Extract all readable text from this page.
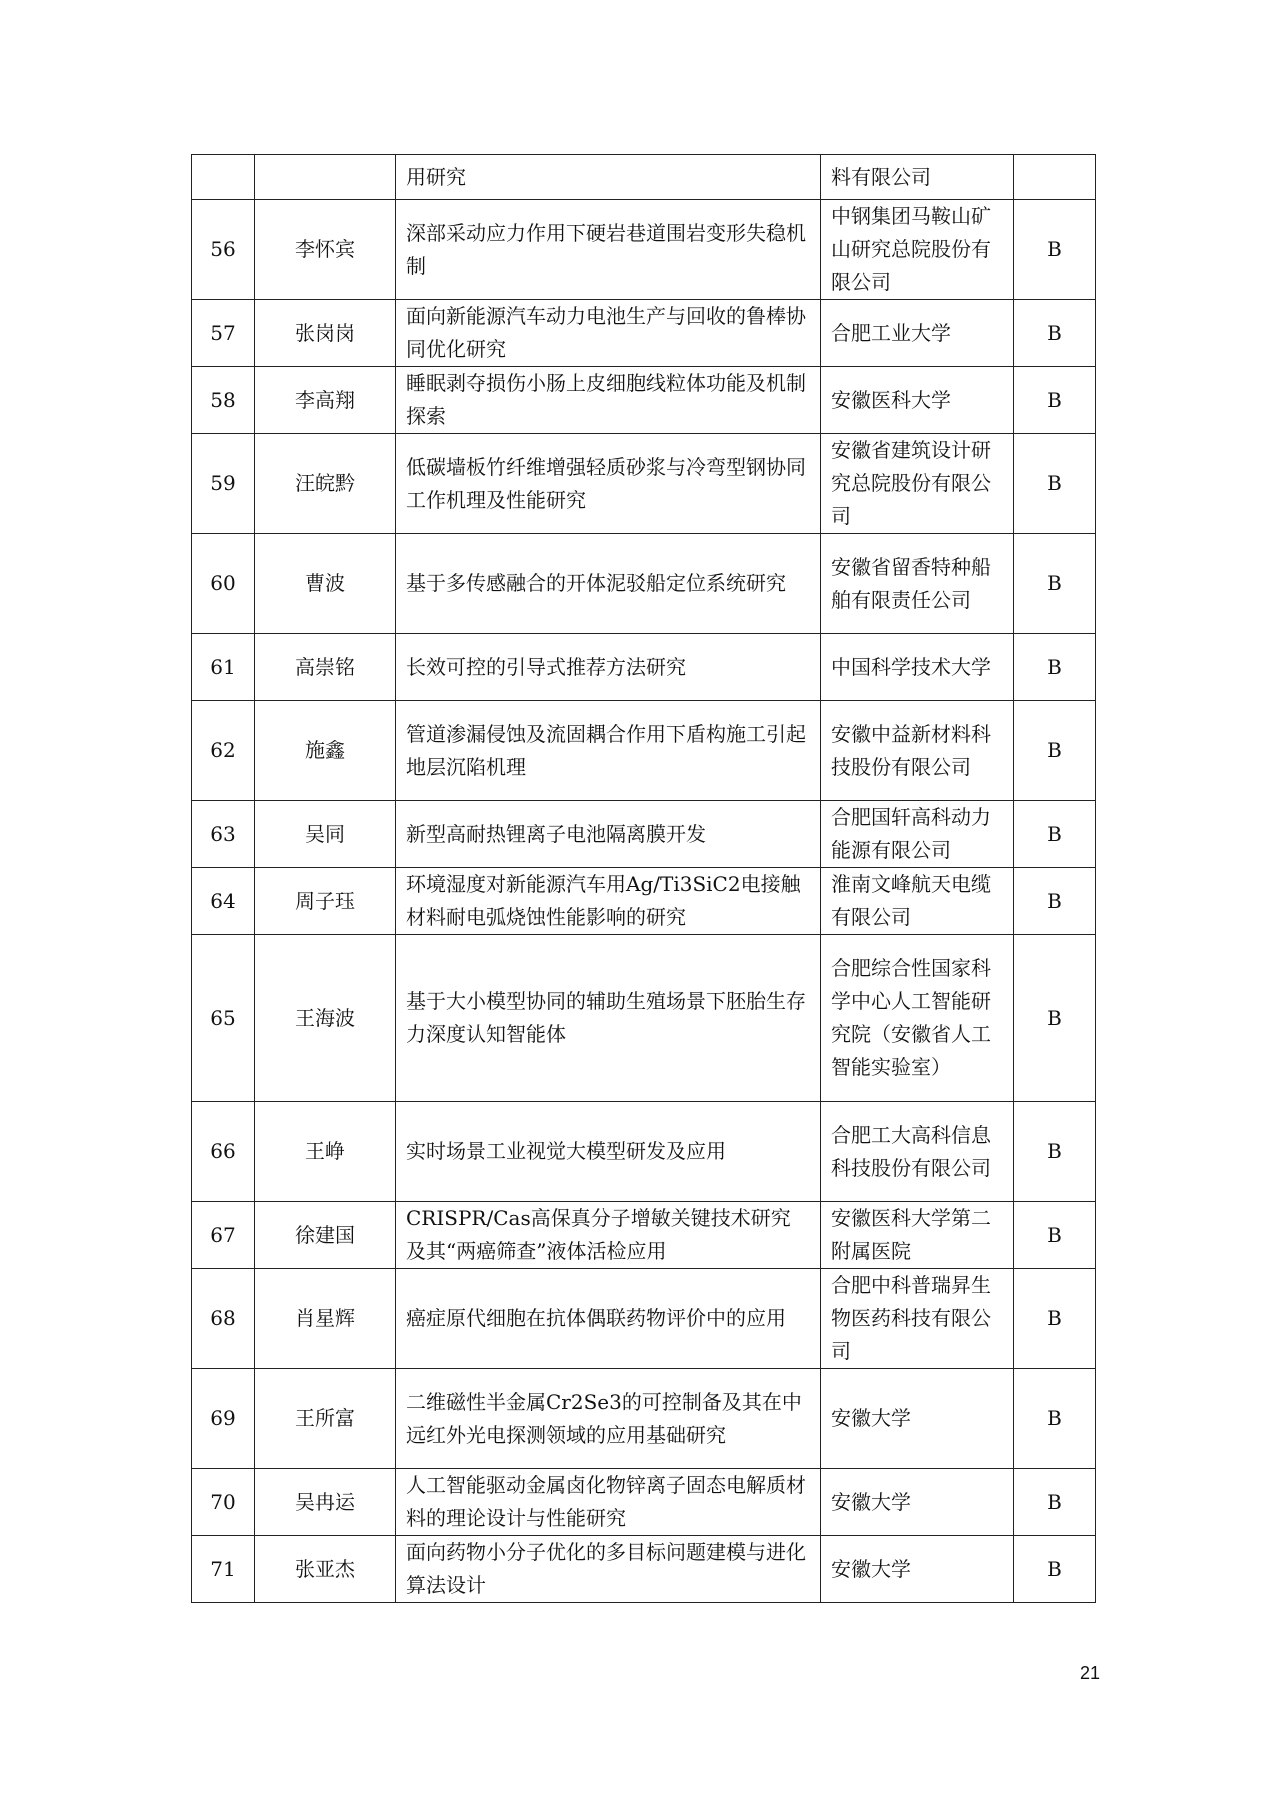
		用研究	料有限公司	
56	李怀宾	深部采动应力作用下硬岩巷道围岩变形失稳机制	中钢集团马鞍山矿山研究总院股份有限公司	B
57	张岗岗	面向新能源汽车动力电池生产与回收的鲁棒协同优化研究	合肥工业大学	B
58	李高翔	睡眠剥夺损伤小肠上皮细胞线粒体功能及机制探索	安徽医科大学	B
59	汪皖黔	低碳墙板竹纤维增强轻质砂浆与冷弯型钢协同工作机理及性能研究	安徽省建筑设计研究总院股份有限公司	B
60	曹波	基于多传感融合的开体泥驳船定位系统研究	安徽省留香特种船舶有限责任公司	B
61	高崇铭	长效可控的引导式推荐方法研究	中国科学技术大学	B
62	施鑫	管道渗漏侵蚀及流固耦合作用下盾构施工引起地层沉陷机理	安徽中益新材料科技股份有限公司	B
63	吴同	新型高耐热锂离子电池隔离膜开发	合肥国轩高科动力能源有限公司	B
64	周子珏	环境湿度对新能源汽车用Ag/Ti3SiC2电接触材料耐电弧烧蚀性能影响的研究	淮南文峰航天电缆有限公司	B
65	王海波	基于大小模型协同的辅助生殖场景下胚胎生存力深度认知智能体	合肥综合性国家科学中心人工智能研究院（安徽省人工智能实验室）	B
66	王峥	实时场景工业视觉大模型研发及应用	合肥工大高科信息科技股份有限公司	B
67	徐建国	CRISPR/Cas高保真分子增敏关键技术研究及其“两癌筛查”液体活检应用	安徽医科大学第二附属医院	B
68	肖星辉	癌症原代细胞在抗体偶联药物评价中的应用	合肥中科普瑞昇生物医药科技有限公司	B
69	王所富	二维磁性半金属Cr2Se3的可控制备及其在中远红外光电探测领域的应用基础研究	安徽大学	B
70	吴冉运	人工智能驱动金属卤化物锌离子固态电解质材料的理论设计与性能研究	安徽大学	B
71	张亚杰	面向药物小分子优化的多目标问题建模与进化算法设计	安徽大学	B
21
